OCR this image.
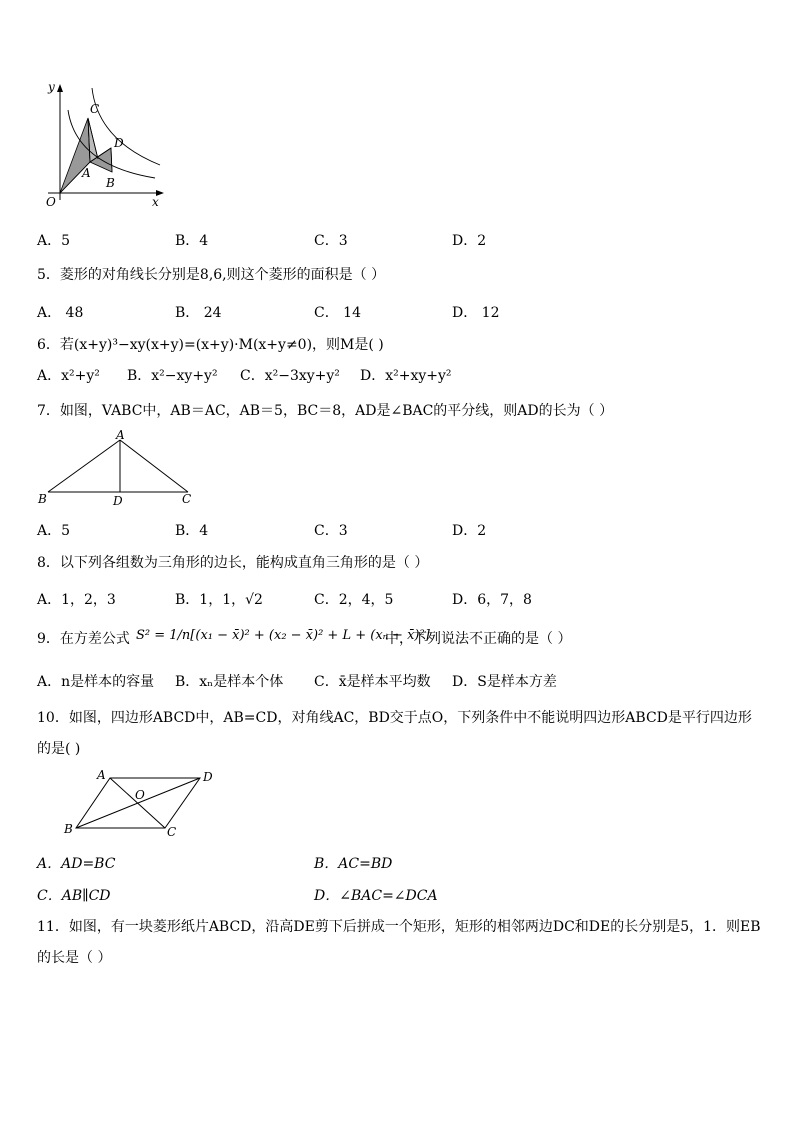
y
x
O
C
D
A
B
A．5	B．4	C．3	D．2
5．菱形的对角线长分别是8,6,则这个菱形的面积是（ ）
A． 48	B． 24	C． 14	D． 12
6．若(x+y)³−xy(x+y)=(x+y)·M(x+y≠0)，则M是( )
A．x²+y² B．x²−xy+y² C．x²−3xy+y² D．x²+xy+y²
7．如图，VABC中，AB＝AC，AB＝5，BC＝8，AD是∠BAC的平分线，则AD的长为（ ）
A
B	D	C
A．5	B．4	C．3	D．2
8．以下列各组数为三角形的边长，能构成直角三角形的是（ ）
A．1，2，3	B．1，1，√2	C．2，4，5	D．6，7，8
9．在方差公式 S² = 1/n[(x₁ − x̄)² + (x₂ − x̄)² + L + (xₙ − x̄)²]
中，下列说法不正确的是（ ）
A．n是样本的容量 B．xₙ是样本个体 C．x̄是样本平均数 D．S是样本方差
10．如图，四边形ABCD中，AB=CD，对角线AC，BD交于点O，下列条件中不能说明四边形ABCD是平行四边形
的是( )
A	D
O
B	C
A．AD=BC	B．AC=BD
C．AB∥CD	D．∠BAC=∠DCA
11．如图，有一块菱形纸片ABCD，沿高DE剪下后拼成一个矩形，矩形的相邻两边DC和DE的长分别是5，1．则EB
的长是（ ）
